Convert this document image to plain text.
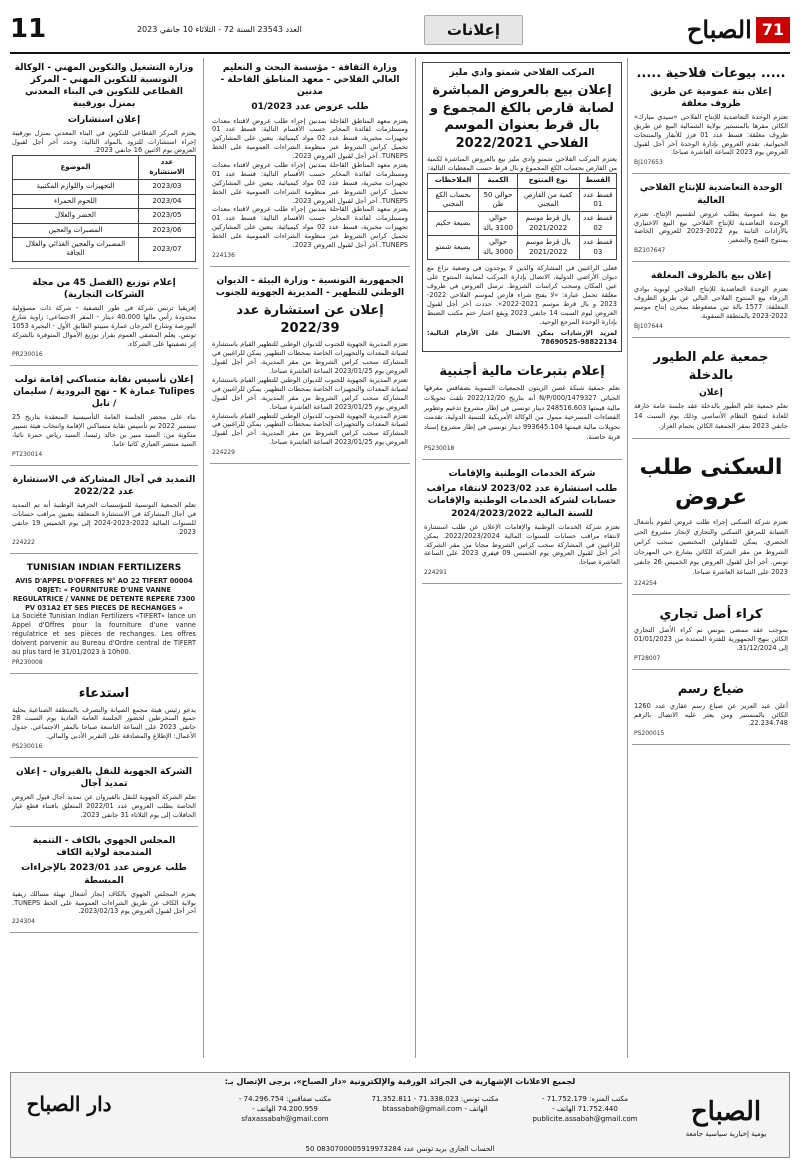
71
الصباح
إعلانات
العدد 23543 السنة 72 - الثلاثاء 10 جانفي 2023
11
..... بيوعات فلاحية .....
إعلان بتة عمومية عن طريق ظروف مغلقة

تعتزم الوحدة التعاضدية للإنتاج الفلاحي «سيدي مبارك» الكائن مقرها بالمنستير بولاية الشمالية البيع عن طريق ظروف مغلقة: قسط عدد 01 فرز للأبقار والمنتجات الحيوانية. تقدم العروض بإدارة الوحدة آخر أجل لقبول العروض يوم 2023 الساعة العاشرة صباحا.

BJ107653
الوحدة التعاضدية للإنتاج الفلاحي العالية

بيع بتة عمومية بطلب عروض لتقسيم الإنتاج. تعتزم الوحدة التعاضدية للإنتاج الفلاحي بيع البيع الاختياري بالأزادات الثابتة يوم 2022-2023 للعروض الخاصة بمنتوج القمح والشعير.

BZ107647
إعلان بيع بالظروف المغلقة

تعتزم الوحدة التعاضدية للإنتاج الفلاحي لوبوية بوادي الزرقاء بيع المنتوج الفلاحي التالي عن طريق الظروف المغلقة: 1577 بالة تبن مضغوطة بمخزن إنتاج موسم 2022-2023 بالمنطقة السقوية.

BJ107644
جمعية علم الطيور بالدخلة
إعلان

تعلم جمعية علم الطيور بالدخلة عقد جلسة عامة خارقة للعادة لتنقيح النظام الأساسي وذلك يوم السبت 14 جانفي 2023 بمقر الجمعية الكائن بحمام الغزاز.

السكنى طلب عروض

تعتزم شركة السكنى إجراء طلب عروض لتقوم بأشغال الصيانة للمرفق السكني والتجاري لإنجاز مشروع الحي الحضري. يمكن للمقاولين المختصين سحب كراس الشروط من مقر الشركة الكائن بشارع حي المهرجان تونس. آخر أجل لقبول العروض يوم الخميس 26 جانفي 2023 على الساعة العاشرة صباحا.

224254
كراء أصل تجاري

بموجب عقد ممضى بتونس تم كراء الأصل التجاري الكائن بنهج الجمهورية للفترة الممتدة من 01/01/2023 إلى 31/12/2024.

PT28007
ضياع رسم

أعلن عبد العزيز عن ضياع رسم عقاري عدد 1260 الكائن بالمنستير ومن يعثر عليه الاتصال بالرقم 22.234.748.

PS200015
المركب الفلاحي شمتو وادي مليز
إعلان بيع بالعروض المباشرة لصابة قارص بالكغ المجموع و بال قرط بعنوان الموسم الفلاحي 2022/2021

يعتزم المركب الفلاحي شمتو وادي مليز بيع بالعروض المباشرة لكمية من القارص بحساب الكغ المجموع و بال قرط حسب المعطيات التالية:

القسط	نوع المنتوج	الكمية	الملاحظات
قسط عدد 01	كمية من القارص المجني	حوالي 50 طن	بحساب الكغ المجني
قسط عدد 02	بال قرط موسم 2021/2022	حوالي 3100 بالة	بضيعة حكيم
قسط عدد 03	بال قرط موسم 2021/2022	حوالي 3000 بالة	بضيعة شمتو

فعلى الراغبين في المشاركة والذين لا يوجدون في وضعية نزاع مع ديوان الأراضي الدولية، الاتصال بإدارة المركب لمعاينة المنتوج على عين المكان وسحب كراسات الشروط. ترسل العروض في ظروف مغلقة تحمل عبارة: «لا يفتح شراء قارص لموسم الفلاحي 2022-2023 و بال قرط موسم 2021-2022». حددت آخر أجل لقبول العروض ليوم السبت 14 جانفي 2023 ويقع اعتبار ختم مكتب الضبط بإدارة الوحدة المرجع الوحيد.

لمزيد الإرشادات يمكن الاتصال على الأرقام التالية: 98822134-78690525

إعلام بتبرعات مالية أجنبية

تعلم جمعية شبكة غصن الزيتون للجمعيات التنموية بصفاقس معرفها الجبائي 1479327/N/P/000 أنه بتاريخ 2022/12/20 تلقت تحويلات مالية قيمتها 248516.603 دينار تونسي في إطار مشروع تدعيم وتطوير الفضاءات المسرحية ممول من الوكالة الأمريكية للتنمية الدولية، تقدمت تحويلات مالية قيمتها 993645.104 دينار تونسي في إطار مشروع إسناد قرية حاضنة.

PS230018
شركة الخدمات الوطنية والإقامات
طلب استشارة عدد 2023/02 لانتقاء مراقب حسابات لشركة الخدمات الوطنية والإقامات للسنة المالية 2024/2023/2022

تعتزم شركة الخدمات الوطنية والإقامات الإعلان عن طلب استشارة لانتقاء مراقب حسابات للسنوات المالية 2022/2023/2024. يمكن للراغبين في المشاركة سحب كراس الشروط مجانا من مقر الشركة. آخر أجل لقبول العروض يوم الخميس 09 فيفري 2023 على الساعة العاشرة صباحا.

224291
وزارة الثقافة - مؤسسة البحث و التعليم العالي الفلاحي - معهد المناطق القاحلة - مدنين
طلب عروض عدد 01/2023

يعتزم معهد المناطق القاحلة بمدنين إجراء طلب عروض لاقتناء معدات ومستلزمات لفائدة المخابر حسب الأقسام التالية: قسط عدد 01 تجهيزات مخبرية، قسط عدد 02 مواد كيميائية. يتعين على المشاركين تحميل كراس الشروط عبر منظومة الشراءات العمومية على الخط TUNEPS. آخر أجل لقبول العروض 2023.

يعتزم معهد المناطق القاحلة بمدنين إجراء طلب عروض لاقتناء معدات ومستلزمات لفائدة المخابر حسب الأقسام التالية: قسط عدد 01 تجهيزات مخبرية، قسط عدد 02 مواد كيميائية. يتعين على المشاركين تحميل كراس الشروط عبر منظومة الشراءات العمومية على الخط TUNEPS. آخر أجل لقبول العروض 2023.

يعتزم معهد المناطق القاحلة بمدنين إجراء طلب عروض لاقتناء معدات ومستلزمات لفائدة المخابر حسب الأقسام التالية: قسط عدد 01 تجهيزات مخبرية، قسط عدد 02 مواد كيميائية. يتعين على المشاركين تحميل كراس الشروط عبر منظومة الشراءات العمومية على الخط TUNEPS. آخر أجل لقبول العروض 2023.

224136
الجمهورية التونسية - وزارة البيئة - الديوان الوطني للتطهير - المديرية الجهوية للجنوب
إعلان عن استشارة عدد 2022/39

تعتزم المديرية الجهوية للجنوب للديوان الوطني للتطهير القيام باستشارة لصيانة المعدات والتجهيزات الخاصة بمحطات التطهير. يمكن للراغبين في المشاركة سحب كراس الشروط من مقر المديرية. آخر أجل لقبول العروض يوم 2023/01/25 الساعة العاشرة صباحا.

تعتزم المديرية الجهوية للجنوب للديوان الوطني للتطهير القيام باستشارة لصيانة المعدات والتجهيزات الخاصة بمحطات التطهير. يمكن للراغبين في المشاركة سحب كراس الشروط من مقر المديرية. آخر أجل لقبول العروض يوم 2023/01/25 الساعة العاشرة صباحا.

تعتزم المديرية الجهوية للجنوب للديوان الوطني للتطهير القيام باستشارة لصيانة المعدات والتجهيزات الخاصة بمحطات التطهير. يمكن للراغبين في المشاركة سحب كراس الشروط من مقر المديرية. آخر أجل لقبول العروض يوم 2023/01/25 الساعة العاشرة صباحا.

224229
وزارة التشغيل والتكوين المهني - الوكالة التونسية للتكوين المهني - المركز القطاعي للتكوين في البناء المعدني بمنزل بورقيبة
إعلان استشارات

يعتزم المركز القطاعي للتكوين في البناء المعدني بمنزل بورقيبة إجراء استشارات للتزود بالمواد التالية: وحدد آخر أجل لقبول العروض يوم الاثنين 16 جانفي 2023.

عدد الاستشارة	الموضوع
2023/03	التجهيزات واللوازم المكتبية
2023/04	اللحوم الحمراء
2023/05	الخضر والغلال
2023/06	المصبرات والعجين
2023/07	المصبرات والعجين الغذائي والغلال الجافة
إعلام توزيع (الفصل 45 من مجلة الشركات التجارية)

إفريقيا ترنس شركة في طور التصفية - شركة ذات مسؤولية محدودة رأس مالها 40.000 دينار - المقر الاجتماعي: زاوية شارع البورصة وشارع المرجان عمارة سيبتو الطابق الأول - البحيرة 1053 تونس. يعلم المصفي العموم بقرار توزيع الأموال المتوفرة بالشركة إثر تصفيتها على الشركاء.

PR230016
إعلان تأسيس نقابة متساكني إقامة تولب Tulipes عمارة K - نهج البرودية / سليمان / نابل

بناء على محضر الجلسة العامة التأسيسية المنعقدة بتاريخ 25 سبتمبر 2022 تم تأسيس نقابة متساكني الإقامة وانتخاب هيئة تسيير متكونة من: السيد منير بن خالد رئيسا، السيد رياض حمزة نائبا، السيد منتصر العياري كاتبا عاما.

PT230014
التمديد في آجال المشاركة في الاستشارة عدد 2022/22

تعلم الجمعية التونسية للمؤسسات الحرفية الوطنية أنه تم التمديد في آجال المشاركة في الاستشارة المتعلقة بتعيين مراقب حسابات للسنوات المالية 2022-2023-2024 إلى يوم الخميس 19 جانفي 2023.

224222
TUNISIAN INDIAN FERTILIZERS

AVIS D'APPEL D'OFFRES N° AO 22 TIFERT 00004 OBJET: « FOURNITURE D'UNE VANNE REGULATRICE / VANNE DE DETENTE REPERE 7300 PV 031A2 ET SES PIECES DE RECHANGES »

La Société Tunisian Indian Fertilizers «TIFERT» lance un Appel d'Offres pour la fourniture d'une vanne régulatrice et ses pièces de rechanges. Les offres doivent parvenir au Bureau d'Ordre central de TIFERT au plus tard le 31/01/2023 à 10h00.

PR230008
استدعاء

يدعو رئيس هيئة مجمع الصيانة والتصرف بالمنطقة الصناعية بحلية جميع المنخرطين لحضور الجلسة العامة العادية يوم السبت 28 جانفي 2023 على الساعة التاسعة صباحا بالمقر الاجتماعي. جدول الأعمال: الإطلاع والمصادقة على التقرير الأدبي والمالي.

PS230016
الشركة الجهوية للنقل بالقيروان - إعلان تمديد آجال

تعلم الشركة الجهوية للنقل بالقيروان عن تمديد آجال قبول العروض الخاصة بطلب العروض عدد 2022/01 المتعلق باقتناء قطع غيار الحافلات إلى يوم الثلاثاء 31 جانفي 2023.

المجلس الجهوي بالكاف - التنمية المندمجة لولاية الكاف
طلب عروض عدد 2023/01 بالإجراءات المبسطة

يعتزم المجلس الجهوي بالكاف إنجاز أشغال تهيئة مسالك ريفية بولاية الكاف عن طريق الشراءات العمومية على الخط TUNEPS. آخر أجل لقبول العروض يوم 2023/02/13.

224304
لجميع الاعلانات الإشهارية في الجرائد الورقية والإلكترونية «دار الصباح»، يرجى الإتصال بـ:
الصباح
يومية إخبارية سياسية جامعة
مكتب المنزه: 71.752.179 - 71.752.440 الهاتف - publicite.assabah@gmail.com
مكتب تونس: 71.338.023 - 71.352.811 الهاتف - btassabah@gmail.com
مكتب صفاقس: 74.296.754 - 74.200.959 الهاتف - sfaxassabah@gmail.com
دار الصباح
الحساب الجاري بريد تونس عدد 0830700005919973284 50
